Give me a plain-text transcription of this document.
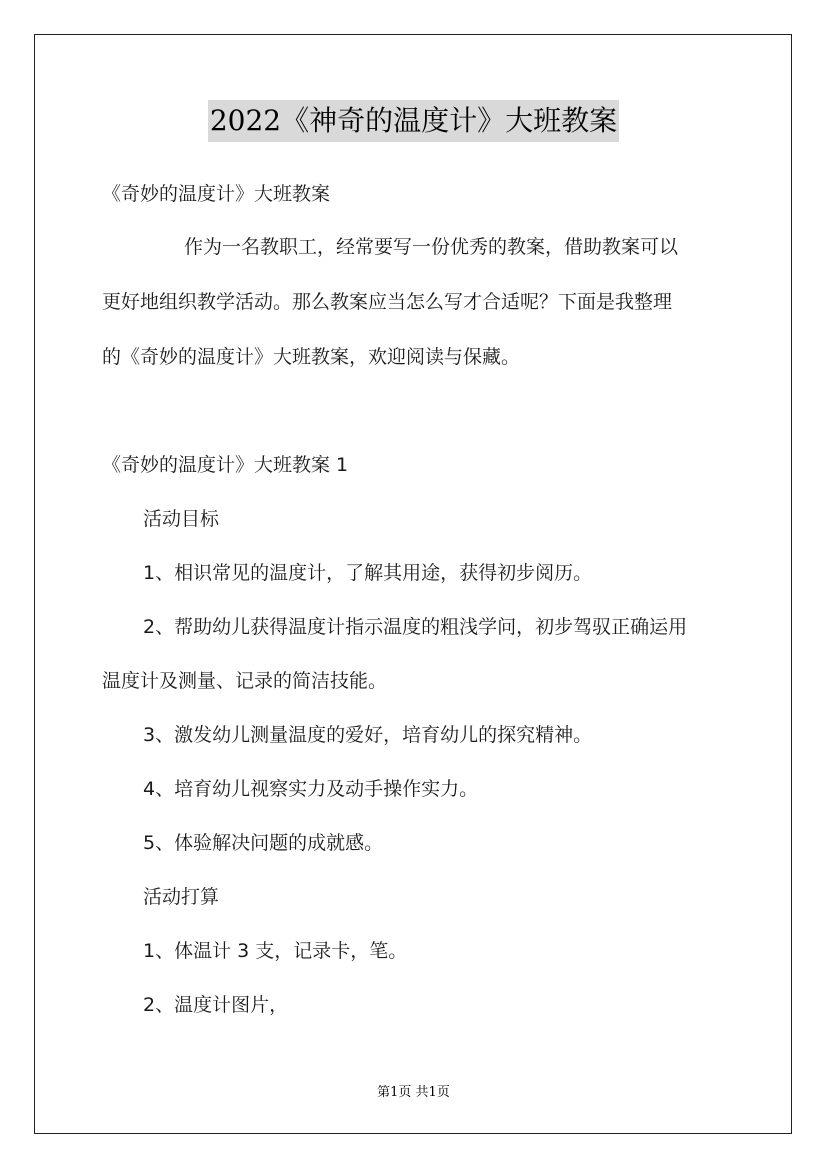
2022《神奇的温度计》大班教案
《奇妙的温度计》大班教案
作为一名教职工，经常要写一份优秀的教案，借助教案可以
更好地组织教学活动。那么教案应当怎么写才合适呢？下面是我整理
的《奇妙的温度计》大班教案，欢迎阅读与保藏。
《奇妙的温度计》大班教案 1
活动目标
1、相识常见的温度计，了解其用途，获得初步阅历。
2、帮助幼儿获得温度计指示温度的粗浅学问，初步驾驭正确运用
温度计及测量、记录的简洁技能。
3、激发幼儿测量温度的爱好，培育幼儿的探究精神。
4、培育幼儿视察实力及动手操作实力。
5、体验解决问题的成就感。
活动打算
1、体温计 3 支，记录卡，笔。
2、温度计图片，
第1页 共1页
